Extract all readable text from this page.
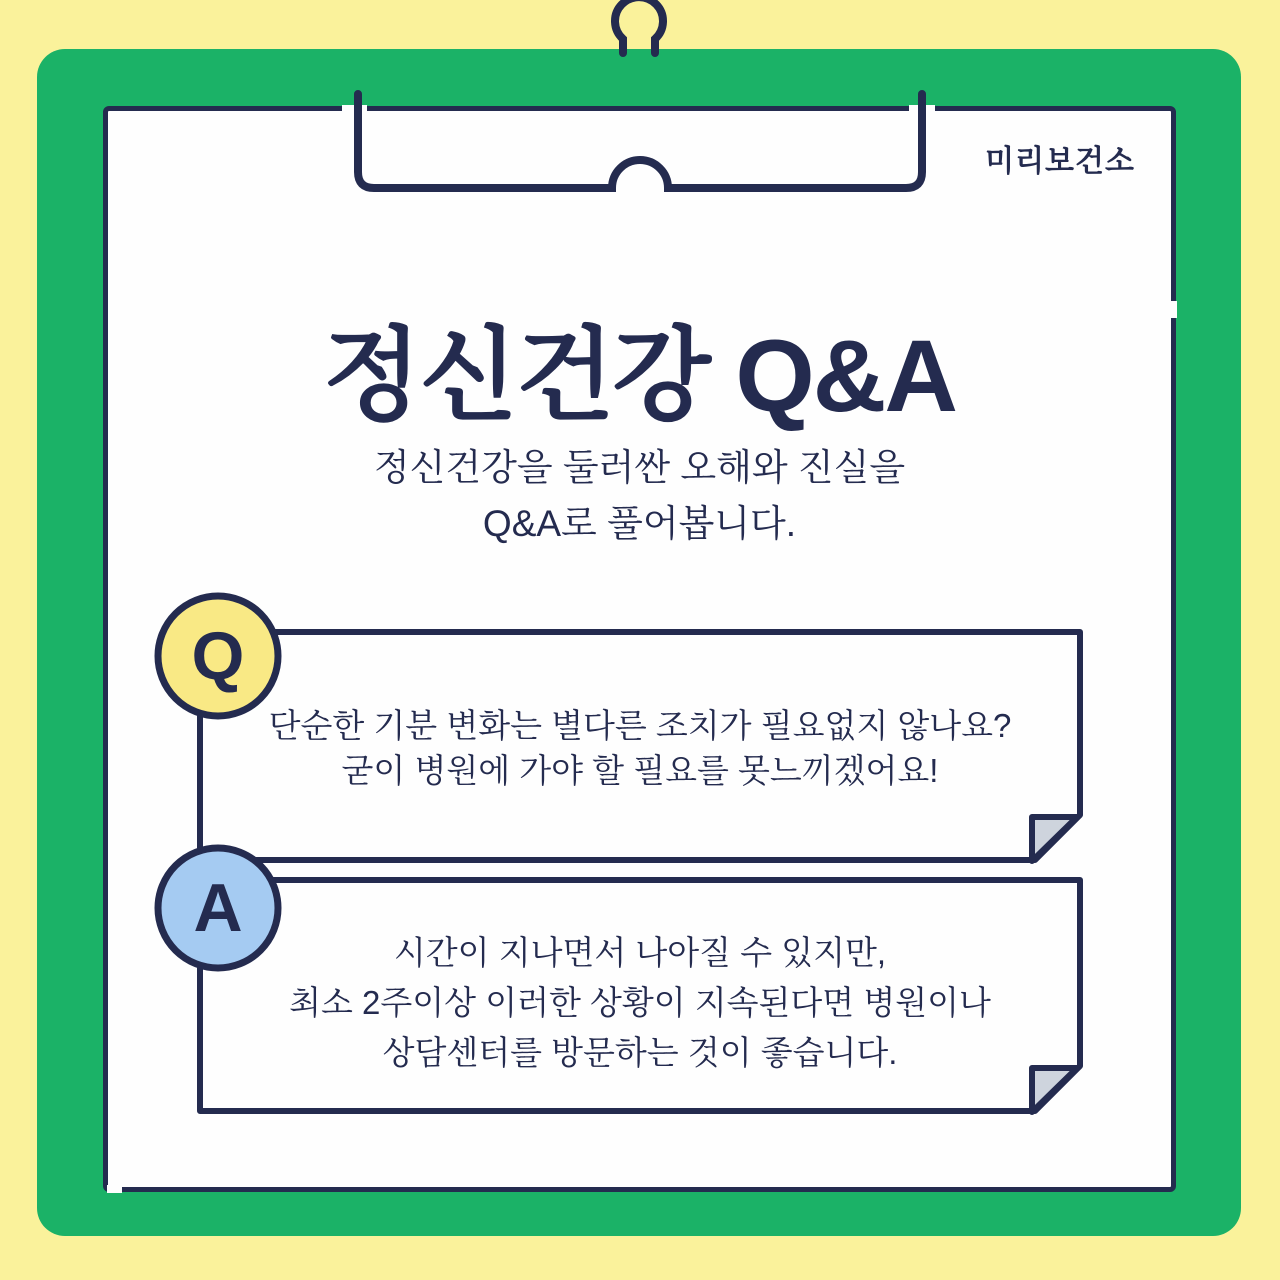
미리보건소
정신건강 Q&A
정신건강을 둘러싼 오해와 진실을
Q&A로 풀어봅니다.
Q
단순한 기분 변화는 별다른 조치가 필요없지 않나요?
굳이 병원에 가야 할 필요를 못느끼겠어요!
A
시간이 지나면서 나아질 수 있지만,
최소 2주이상 이러한 상황이 지속된다면 병원이나
상담센터를 방문하는 것이 좋습니다.
